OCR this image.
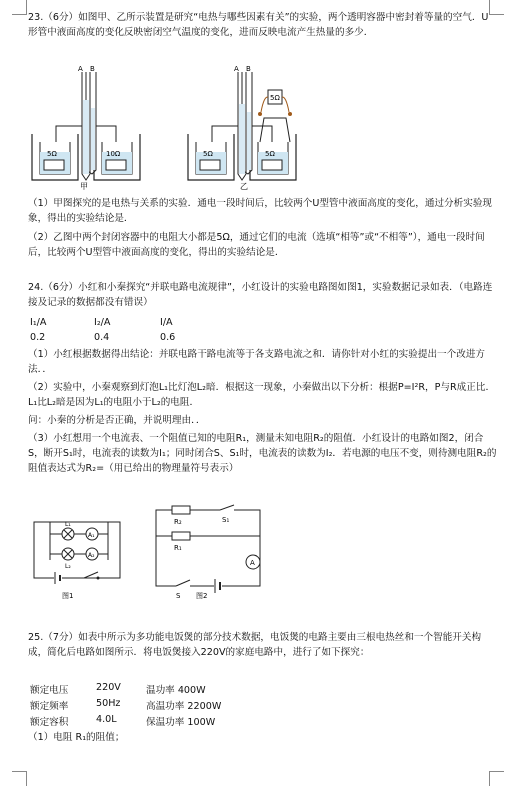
23.（6分）如图甲、乙所示装置是研究“电热与哪些因素有关”的实验，两个透明容器中密封着等量的空气．U形管中液面高度的变化反映密闭空气温度的变化，进而反映电流产生热量的多少．
A B
5Ω	10Ω
甲
A B
5Ω	5Ω
5Ω
乙
（1）甲图探究的是电热与关系的实验．通电一段时间后，比较两个U型管中液面高度的变化，通过分析实验现象，得出的实验结论是．
（2）乙图中两个封闭容器中的电阻大小都是5Ω，通过它们的电流（选填“相等”或“不相等”），通电一段时间后，比较两个U型管中液面高度的变化，得出的实验结论是．
24.（6分）小红和小秦探究“并联电路电流规律”，小红设计的实验电路图如图1，实验数据记录如表．（电路连接及记录的数据都没有错误）
I₁/A	I₂/A	I/A
0.2	0.4	0.6
（1）小红根据数据得出结论：并联电路干路电流等于各支路电流之和．请你针对小红的实验提出一个改进方法．．
（2）实验中，小秦观察到灯泡L₁比灯泡L₂暗．根据这一现象，小秦做出以下分析：根据P=I²R，P与R成正比．L₁比L₂暗是因为L₁的电阻小于L₂的电阻．
问：小秦的分析是否正确，并说明理由．．
（3）小红想用一个电流表、一个阻值已知的电阻R₁，测量未知电阻R₂的阻值．小红设计的电路如图2，闭合S，断开S₁时，电流表的读数为I₁；同时闭合S、S₁时，电流表的读数为I₂．若电源的电压不变，则待测电阻R₂的阻值表达式为R₂=（用已给出的物理量符号表示）
L₁
L₂
A₁
A₂
图1
A
R₂
R₁
S₁
S 图2
25.（7分）如表中所示为多功能电饭煲的部分技术数据，电饭煲的电路主要由三根电热丝和一个智能开关构成，简化后电路如图所示．将电饭煲接入220V的家庭电路中，进行了如下探究：
额定电压	220V	温功率 400W
额定频率	50Hz	高温功率 2200W
额定容积	4.0L	保温功率 100W
（1）电阻 R₁的阻值；
